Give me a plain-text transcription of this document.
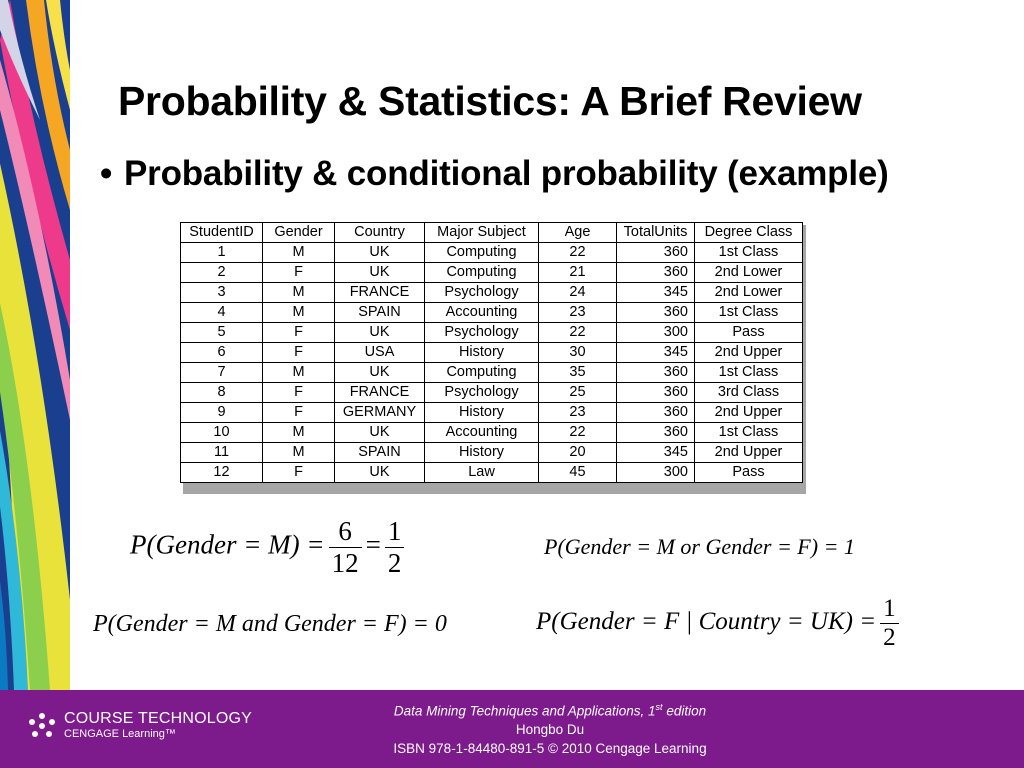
Probability & Statistics: A Brief Review
• Probability & conditional probability (example)
StudentID	Gender	Country	Major Subject	Age	TotalUnits	Degree Class
1	M	UK	Computing	22	360	1st Class
2	F	UK	Computing	21	360	2nd Lower
3	M	FRANCE	Psychology	24	345	2nd Lower
4	M	SPAIN	Accounting	23	360	1st Class
5	F	UK	Psychology	22	300	Pass
6	F	USA	History	30	345	2nd Upper
7	M	UK	Computing	35	360	1st Class
8	F	FRANCE	Psychology	25	360	3rd Class
9	F	GERMANY	History	23	360	2nd Upper
10	M	UK	Accounting	22	360	1st Class
11	M	SPAIN	History	20	345	2nd Upper
12	F	UK	Law	45	300	Pass
P(Gender = $M) = \frac{6}{12} = \frac{1}{2}$	P(Gender = M or Gender = F) = 1
P(Gender = M and Gender = F) = 0	P(Gender = F | Country = $UK) = \frac{1}{2}$
COURSE TECHNOLOGY
CENGAGE Learning™
Data Mining Techniques and Applications, 1st edition
Hongbo Du
ISBN 978-1-84480-891-5 © 2010 Cengage Learning
